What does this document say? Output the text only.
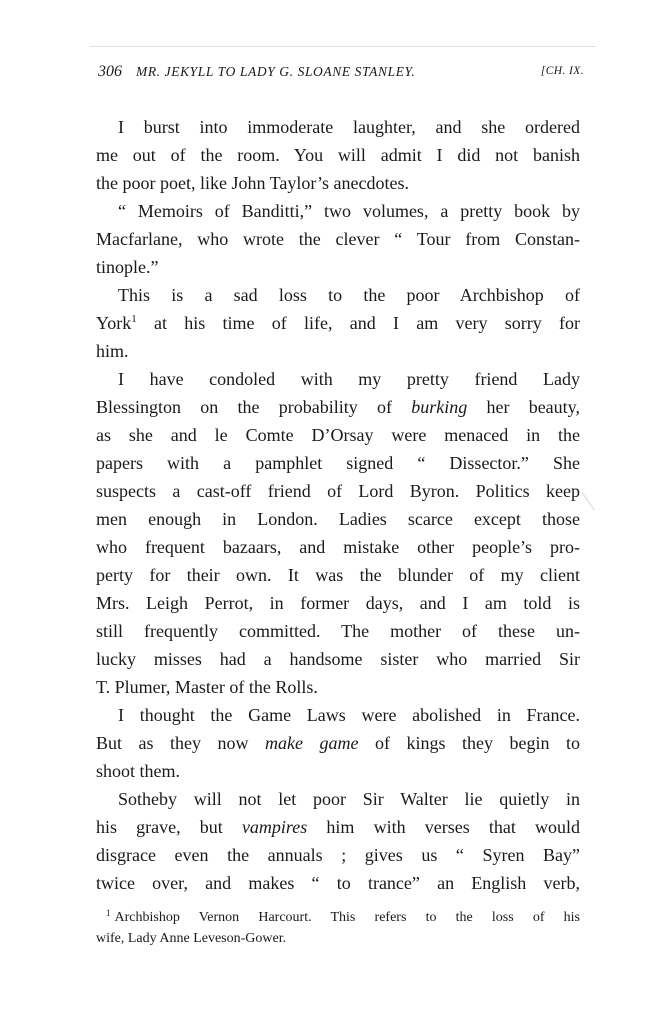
306 MR. JEKYLL TO LADY G. SLOANE STANLEY.	[CH. IX.

I burst into immoderate laughter, and she ordered
me out of the room. You will admit I did not banish
the poor poet, like John Taylor’s anecdotes.

“ Memoirs of Banditti,” two volumes, a pretty book by
Macfarlane, who wrote the clever “ Tour from Constan-
tinople.”

This is a sad loss to the poor Archbishop of
York$^1$ at his time of life, and I am very sorry for
him.

I have condoled with my pretty friend Lady
Blessington on the probability of burking her beauty,
as she and le Comte D’Orsay were menaced in the
papers with a pamphlet signed “ Dissector.” She
suspects a cast-off friend of Lord Byron. Politics keep
men enough in London. Ladies scarce except those
who frequent bazaars, and mistake other people’s pro-
perty for their own. It was the blunder of my client
Mrs. Leigh Perrot, in former days, and I am told is
still frequently committed. The mother of these un-
lucky misses had a handsome sister who married Sir
T. Plumer, Master of the Rolls.

I thought the Game Laws were abolished in France.
But as they now make game of kings they begin to
shoot them.

Sotheby will not let poor Sir Walter lie quietly in
his grave, but vampires him with verses that would
disgrace even the annuals ; gives us “ Syren Bay”
twice over, and makes “ to trance” an English verb,

$^1$ Archbishop Vernon Harcourt. This refers to the loss of his
wife, Lady Anne Leveson-Gower.
